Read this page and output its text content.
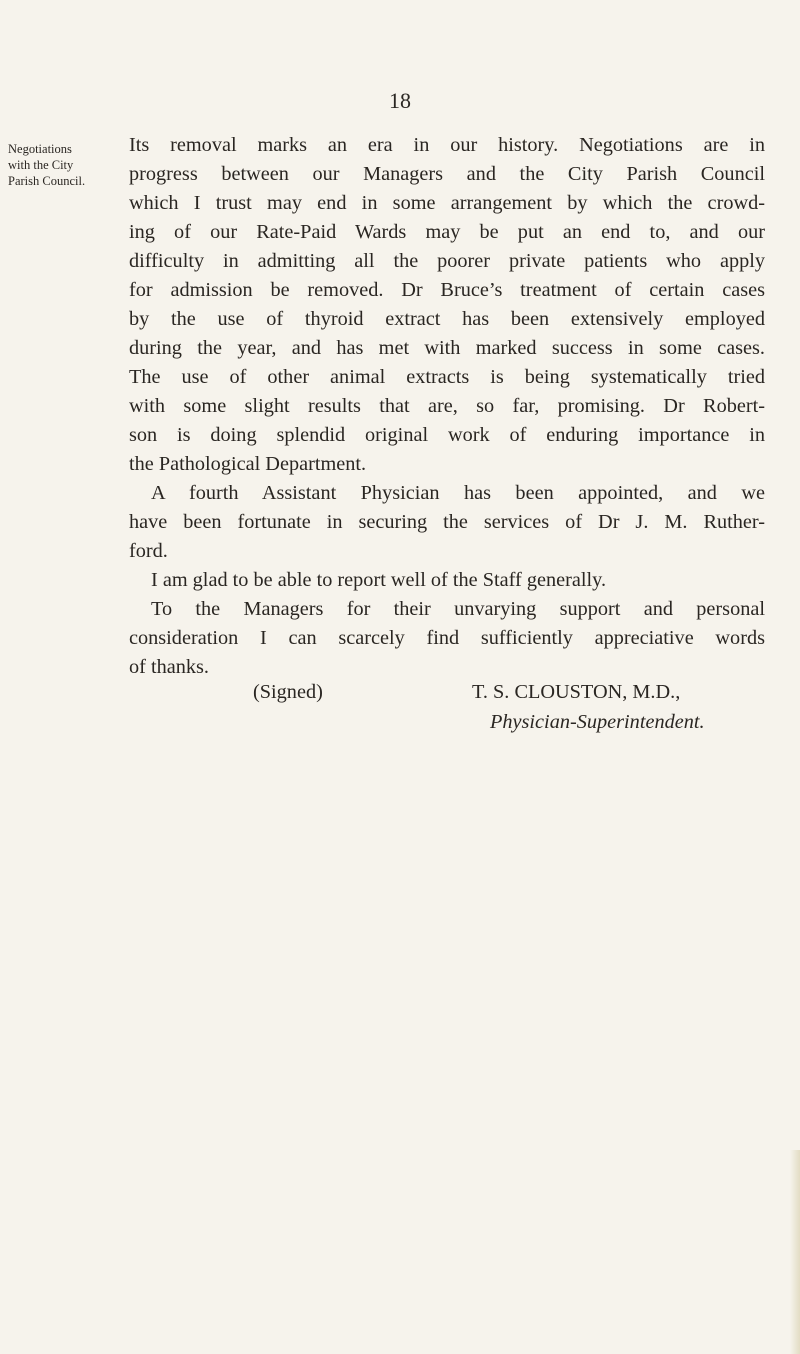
18
Negotiations
with the City
Parish Council.
Its removal marks an era in our history. Negotiations are in
progress between our Managers and the City Parish Council
which I trust may end in some arrangement by which the crowd-
ing of our Rate-Paid Wards may be put an end to, and our
difficulty in admitting all the poorer private patients who apply
for admission be removed. Dr Bruce’s treatment of certain cases
by the use of thyroid extract has been extensively employed
during the year, and has met with marked success in some cases.
The use of other animal extracts is being systematically tried
with some slight results that are, so far, promising. Dr Robert-
son is doing splendid original work of enduring importance in
the Pathological Department.
A fourth Assistant Physician has been appointed, and we
have been fortunate in securing the services of Dr J. M. Ruther-
ford.
I am glad to be able to report well of the Staff generally.
To the Managers for their unvarying support and personal
consideration I can scarcely find sufficiently appreciative words
of thanks.
(Signed)	T. S. CLOUSTON, M.D.,
Physician-Superintendent.
